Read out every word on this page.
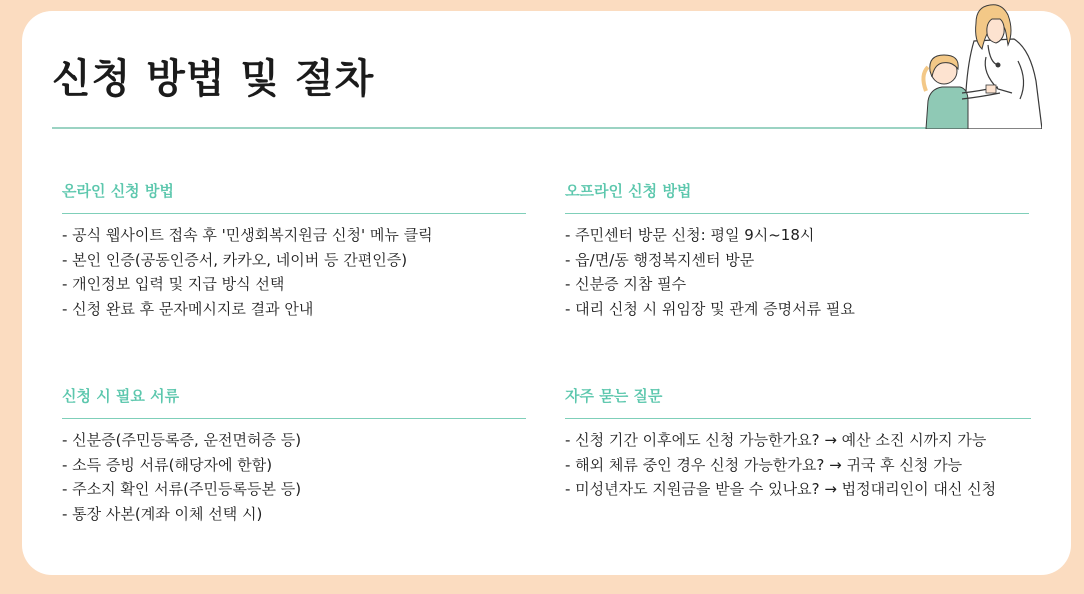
신청 방법 및 절차
온라인 신청 방법
- 공식 웹사이트 접속 후 '민생회복지원금 신청' 메뉴 클릭
- 본인 인증(공동인증서, 카카오, 네이버 등 간편인증)
- 개인정보 입력 및 지급 방식 선택
- 신청 완료 후 문자메시지로 결과 안내
오프라인 신청 방법
- 주민센터 방문 신청: 평일 9시~18시
- 읍/면/동 행정복지센터 방문
- 신분증 지참 필수
- 대리 신청 시 위임장 및 관계 증명서류 필요
신청 시 필요 서류
- 신분증(주민등록증, 운전면허증 등)
- 소득 증빙 서류(해당자에 한함)
- 주소지 확인 서류(주민등록등본 등)
- 통장 사본(계좌 이체 선택 시)
자주 묻는 질문
- 신청 기간 이후에도 신청 가능한가요? → 예산 소진 시까지 가능
- 해외 체류 중인 경우 신청 가능한가요? → 귀국 후 신청 가능
- 미성년자도 지원금을 받을 수 있나요? → 법정대리인이 대신 신청
